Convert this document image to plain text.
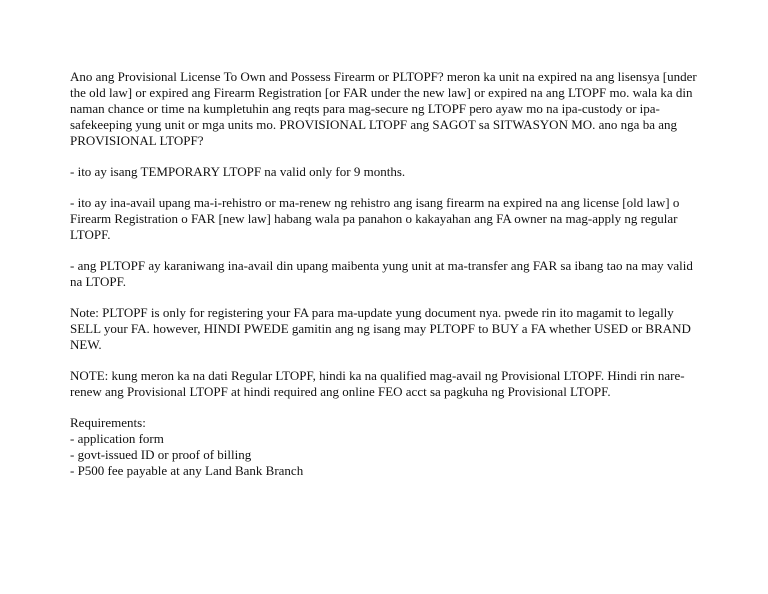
Ano ang Provisional License To Own and Possess Firearm or PLTOPF? meron ka unit na expired na ang lisensya [under the old law] or expired ang Firearm Registration [or FAR under the new law] or expired na ang LTOPF mo. wala ka din naman chance or time na kumpletuhin ang reqts para mag-secure ng LTOPF pero ayaw mo na ipa-custody or ipa-safekeeping yung unit or mga units mo. PROVISIONAL LTOPF ang SAGOT sa SITWASYON MO. ano nga ba ang PROVISIONAL LTOPF?

- ito ay isang TEMPORARY LTOPF na valid only for 9 months.

- ito ay ina-avail upang ma-i-rehistro or ma-renew ng rehistro ang isang firearm na expired na ang license [old law] o Firearm Registration o FAR [new law] habang wala pa panahon o kakayahan ang FA owner na mag-apply ng regular LTOPF.

- ang PLTOPF ay karaniwang ina-avail din upang maibenta yung unit at ma-transfer ang FAR sa ibang tao na may valid na LTOPF.

Note: PLTOPF is only for registering your FA para ma-update yung document nya. pwede rin ito magamit to legally SELL your FA. however, HINDI PWEDE gamitin ang ng isang may PLTOPF to BUY a FA whether USED or BRAND NEW.

NOTE: kung meron ka na dati Regular LTOPF, hindi ka na qualified mag-avail ng Provisional LTOPF. Hindi rin nare-renew ang Provisional LTOPF at hindi required ang online FEO acct sa pagkuha ng Provisional LTOPF.

Requirements:
- application form
- govt-issued ID or proof of billing
- P500 fee payable at any Land Bank Branch
